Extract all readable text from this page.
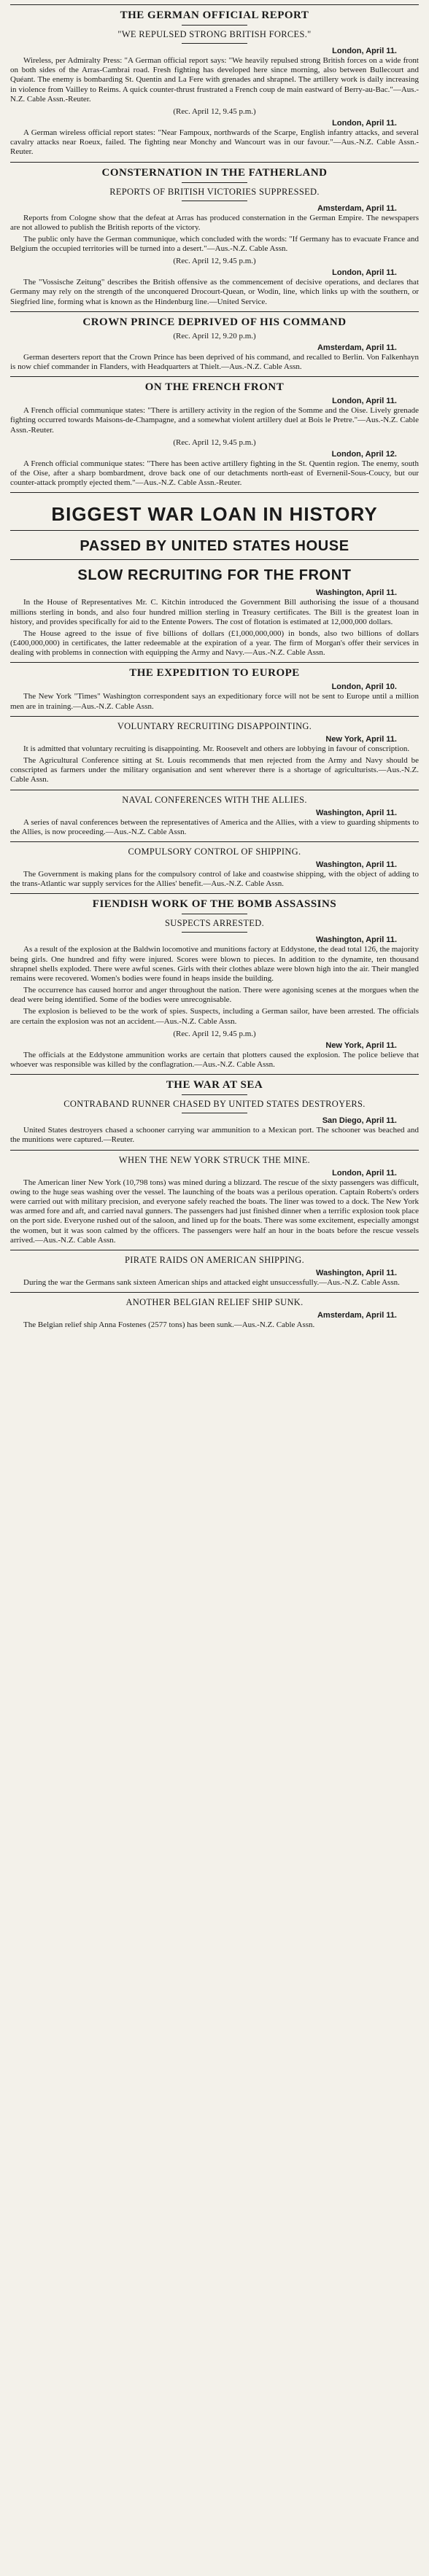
THE GERMAN OFFICIAL REPORT
"WE REPULSED STRONG BRITISH FORCES."
London, April 11.

Wireless, per Admiralty Press: "A German official report says: "We heavily repulsed strong British forces on a wide front on both sides of the Arras-Cambrai road. Fresh fighting has developed here since morning, also between Bullecourt and Quéant. The enemy is bombarding St. Quentin and La Fere with grenades and shrapnel. The artillery work is daily increasing in violence from Vailley to Reims. A quick counter-thrust frustrated a French coup de main eastward of Berry-au-Bac."—Aus.-N.Z. Cable Assn.-Reuter.

(Rec. April 12, 9.45 p.m.)
London, April 11.

A German wireless official report states: "Near Fampoux, northwards of the Scarpe, English infantry attacks, and several cavalry attacks near Roeux, failed. The fighting near Monchy and Wancourt was in our favour."—Aus.-N.Z. Cable Assn.-Reuter.

CONSTERNATION IN THE FATHERLAND
REPORTS OF BRITISH VICTORIES SUPPRESSED.
Amsterdam, April 11.

Reports from Cologne show that the defeat at Arras has produced consternation in the German Empire. The newspapers are not allowed to publish the British reports of the victory.

The public only have the German communique, which concluded with the words: "If Germany has to evacuate France and Belgium the occupied territories will be turned into a desert."—Aus.-N.Z. Cable Assn.

(Rec. April 12, 9.45 p.m.)
London, April 11.

The "Vossische Zeitung" describes the British offensive as the commencement of decisive operations, and declares that Germany may rely on the strength of the unconquered Drocourt-Quean, or Wodin, line, which links up with the southern, or Siegfried line, forming what is known as the Hindenburg line.—United Service.

CROWN PRINCE DEPRIVED OF HIS COMMAND
(Rec. April 12, 9.20 p.m.)
Amsterdam, April 11.

German deserters report that the Crown Prince has been deprived of his command, and recalled to Berlin. Von Falkenhayn is now chief commander in Flanders, with Headquarters at Thielt.—Aus.-N.Z. Cable Assn.

ON THE FRENCH FRONT
London, April 11.

A French official communique states: "There is artillery activity in the region of the Somme and the Oise. Lively grenade fighting occurred towards Maisons-de-Champagne, and a somewhat violent artillery duel at Bois le Pretre."—Aus.-N.Z. Cable Assn.-Reuter.

(Rec. April 12, 9.45 p.m.)
London, April 12.

A French official communique states: "There has been active artillery fighting in the St. Quentin region. The enemy, south of the Oise, after a sharp bombardment, drove back one of our detachments north-east of Evernenil-Sous-Coucy, but our counter-attack promptly ejected them."—Aus.-N.Z. Cable Assn.-Reuter.

BIGGEST WAR LOAN IN HISTORY
PASSED BY UNITED STATES HOUSE
SLOW RECRUITING FOR THE FRONT
Washington, April 11.

In the House of Representatives Mr. C. Kitchin introduced the Government Bill authorising the issue of a thousand millions sterling in bonds, and also four hundred million sterling in Treasury certificates. The Bill is the greatest loan in history, and provides specifically for aid to the Entente Powers. The cost of flotation is estimated at 12,000,000 dollars.

The House agreed to the issue of five billions of dollars (£1,000,000,000) in bonds, also two billions of dollars (£400,000,000) in certificates, the latter redeemable at the expiration of a year. The firm of Morgan's offer their services in dealing with problems in connection with equipping the Army and Navy.—Aus.-N.Z. Cable Assn.

THE EXPEDITION TO EUROPE
London, April 10.

The New York "Times" Washington correspondent says an expeditionary force will not be sent to Europe until a million men are in training.—Aus.-N.Z. Cable Assn.

VOLUNTARY RECRUITING DISAPPOINTING.
New York, April 11.

It is admitted that voluntary recruiting is disappointing. Mr. Roosevelt and others are lobbying in favour of conscription.

The Agricultural Conference sitting at St. Louis recommends that men rejected from the Army and Navy should be conscripted as farmers under the military organisation and sent wherever there is a shortage of agriculturists.—Aus.-N.Z. Cable Assn.

NAVAL CONFERENCES WITH THE ALLIES.
Washington, April 11.

A series of naval conferences between the representatives of America and the Allies, with a view to guarding shipments to the Allies, is now proceeding.—Aus.-N.Z. Cable Assn.

COMPULSORY CONTROL OF SHIPPING.
Washington, April 11.

The Government is making plans for the compulsory control of lake and coastwise shipping, with the object of adding to the trans-Atlantic war supply services for the Allies' benefit.—Aus.-N.Z. Cable Assn.

FIENDISH WORK OF THE BOMB ASSASSINS
SUSPECTS ARRESTED.
Washington, April 11.

As a result of the explosion at the Baldwin locomotive and munitions factory at Eddystone, the dead total 126, the majority being girls. One hundred and fifty were injured. Scores were blown to pieces. In addition to the dynamite, ten thousand shrapnel shells exploded. There were awful scenes. Girls with their clothes ablaze were blown high into the air. Their mangled remains were recovered. Women's bodies were found in heaps inside the building.

The occurrence has caused horror and anger throughout the nation. There were agonising scenes at the morgues when the dead were being identified. Some of the bodies were unrecognisable.

The explosion is believed to be the work of spies. Suspects, including a German sailor, have been arrested. The officials are certain the explosion was not an accident.—Aus.-N.Z. Cable Assn.

(Rec. April 12, 9.45 p.m.)
New York, April 11.

The officials at the Eddystone ammunition works are certain that plotters caused the explosion. The police believe that whoever was responsible was killed by the conflagration.—Aus.-N.Z. Cable Assn.

THE WAR AT SEA
CONTRABAND RUNNER CHASED BY UNITED STATES DESTROYERS.
San Diego, April 11.

United States destroyers chased a schooner carrying war ammunition to a Mexican port. The schooner was beached and the munitions were captured.—Reuter.

WHEN THE NEW YORK STRUCK THE MINE.
London, April 11.

The American liner New York (10,798 tons) was mined during a blizzard. The rescue of the sixty passengers was difficult, owing to the huge seas washing over the vessel. The launching of the boats was a perilous operation. Captain Roberts's orders were carried out with military precision, and everyone safely reached the boats. The liner was towed to a dock. The New York was armed fore and aft, and carried naval gunners. The passengers had just finished dinner when a terrific explosion took place on the port side. Everyone rushed out of the saloon, and lined up for the boats. There was some excitement, especially amongst the women, but it was soon calmed by the officers. The passengers were half an hour in the boats before the rescue vessels arrived.—Aus.-N.Z. Cable Assn.

PIRATE RAIDS ON AMERICAN SHIPPING.
Washington, April 11.

During the war the Germans sank sixteen American ships and attacked eight unsuccessfully.—Aus.-N.Z. Cable Assn.

ANOTHER BELGIAN RELIEF SHIP SUNK.
Amsterdam, April 11.

The Belgian relief ship Anna Fostenes (2577 tons) has been sunk.—Aus.-N.Z. Cable Assn.
